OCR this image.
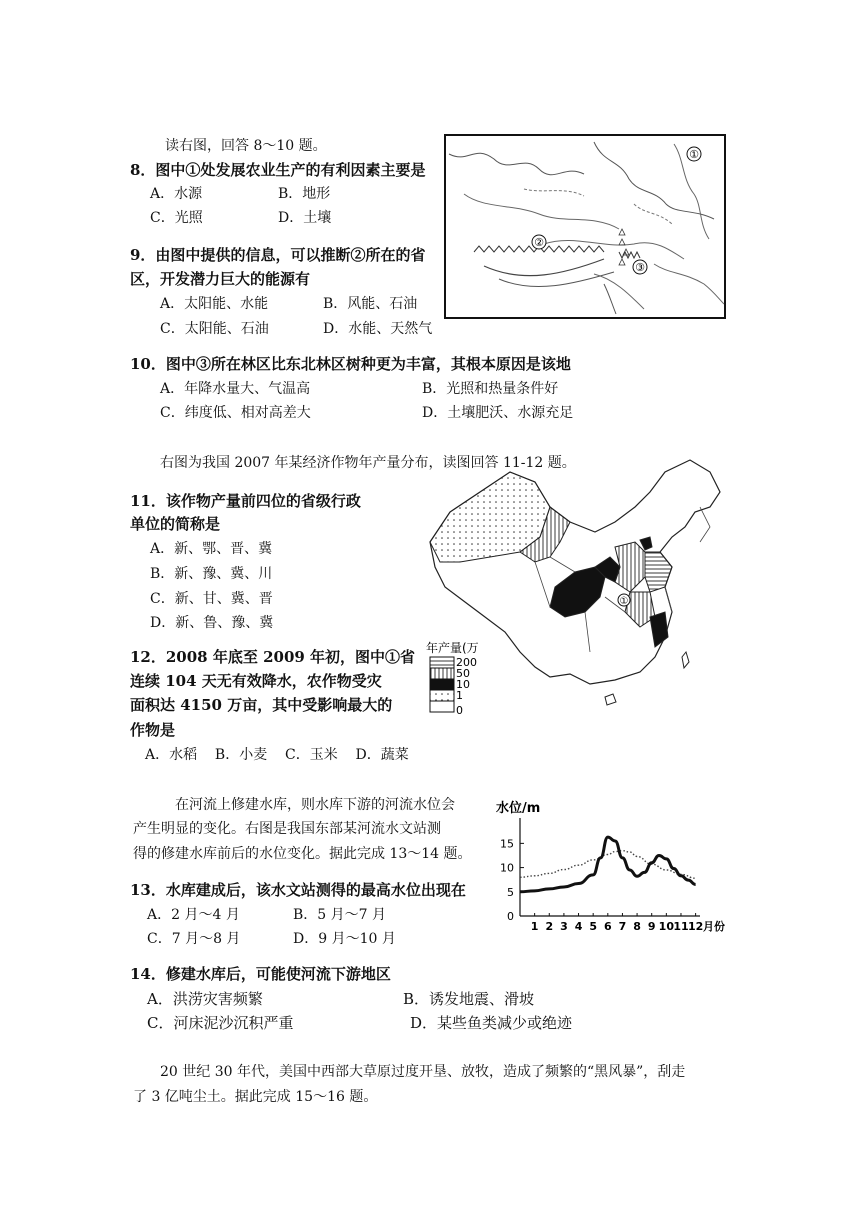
读右图，回答 8～10 题。
8．图中①处发展农业生产的有利因素主要是
A．水源	B．地形
C．光照	D．土壤
9．由图中提供的信息，可以推断②所在的省
区，开发潜力巨大的能源有
A．太阳能、水能	B．风能、石油
C．太阳能、石油	D．水能、天然气
10．图中③所在林区比东北林区树种更为丰富，其根本原因是该地
A．年降水量大、气温高	B．光照和热量条件好
C．纬度低、相对高差大	D．土壤肥沃、水源充足
①
②
③
右图为我国 2007 年某经济作物年产量分布，读图回答 11-12 题。
11．该作物产量前四位的省级行政
单位的简称是
A．新、鄂、晋、冀
B．新、豫、冀、川
C．新、甘、冀、晋
D．新、鲁、豫、冀
12．2008 年底至 2009 年初，图中①省
连续 104 天无有效降水，农作物受灾
面积达 4150 万亩，其中受影响最大的
作物是
A．水稻    B．小麦    C．玉米    D．蔬菜
①
年产量(万
200
50
10
1
0
在河流上修建水库，则水库下游的河流水位会
产生明显的变化。右图是我国东部某河流水文站测
得的修建水库前后的水位变化。据此完成 13～14 题。
13．水库建成后，该水文站测得的最高水位出现在
A．2 月～4 月	B．5 月～7 月
C．7 月～8 月	D．9 月～10 月
14．修建水库后，可能使河流下游地区
A．洪涝灾害频繁	B．诱发地震、滑坡
C．河床泥沙沉积严重	D．某些鱼类减少或绝迹
水位/m
0
5
10
15
1 2 3 4 5 6 7 8 9 10 11 12 月份
20 世纪 30 年代，美国中西部大草原过度开垦、放牧，造成了频繁的“黑风暴”，刮走
了 3 亿吨尘土。据此完成 15～16 题。
